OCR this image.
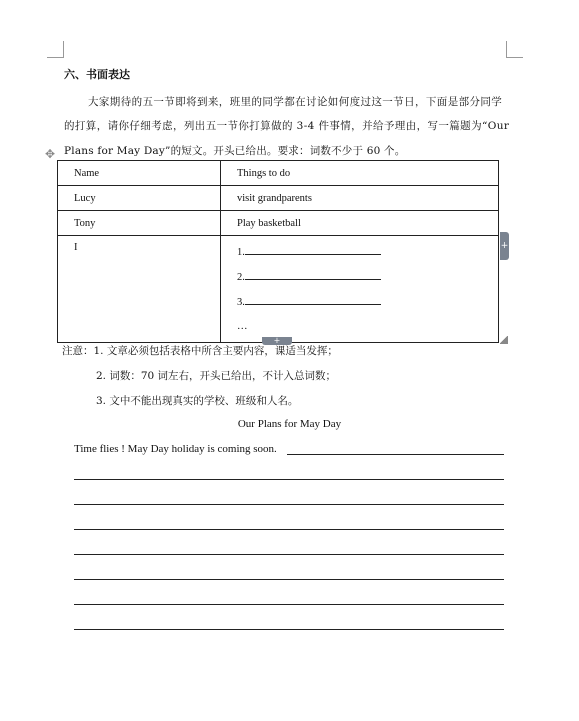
六、书面表达
大家期待的五一节即将到来，班里的同学都在讨论如何度过这一节日，下面是部分同学
的打算，请你仔细考虑，列出五一节你打算做的 3-4 件事情，并给予理由，写一篇题为“Our
Plans for May Day”的短文。开头已给出。要求：词数不少于 60 个。
✥
Name	Things to do
Lucy	visit grandparents
Tony	Play basketball
I	1.
2.
3.
…
+
+
注意：1. 文章必须包括表格中所含主要内容，课适当发挥；
2. 词数：70 词左右，开头已给出，不计入总词数；
3. 文中不能出现真实的学校、班级和人名。
Our Plans for May Day
Time flies ! May Day holiday is coming soon.
